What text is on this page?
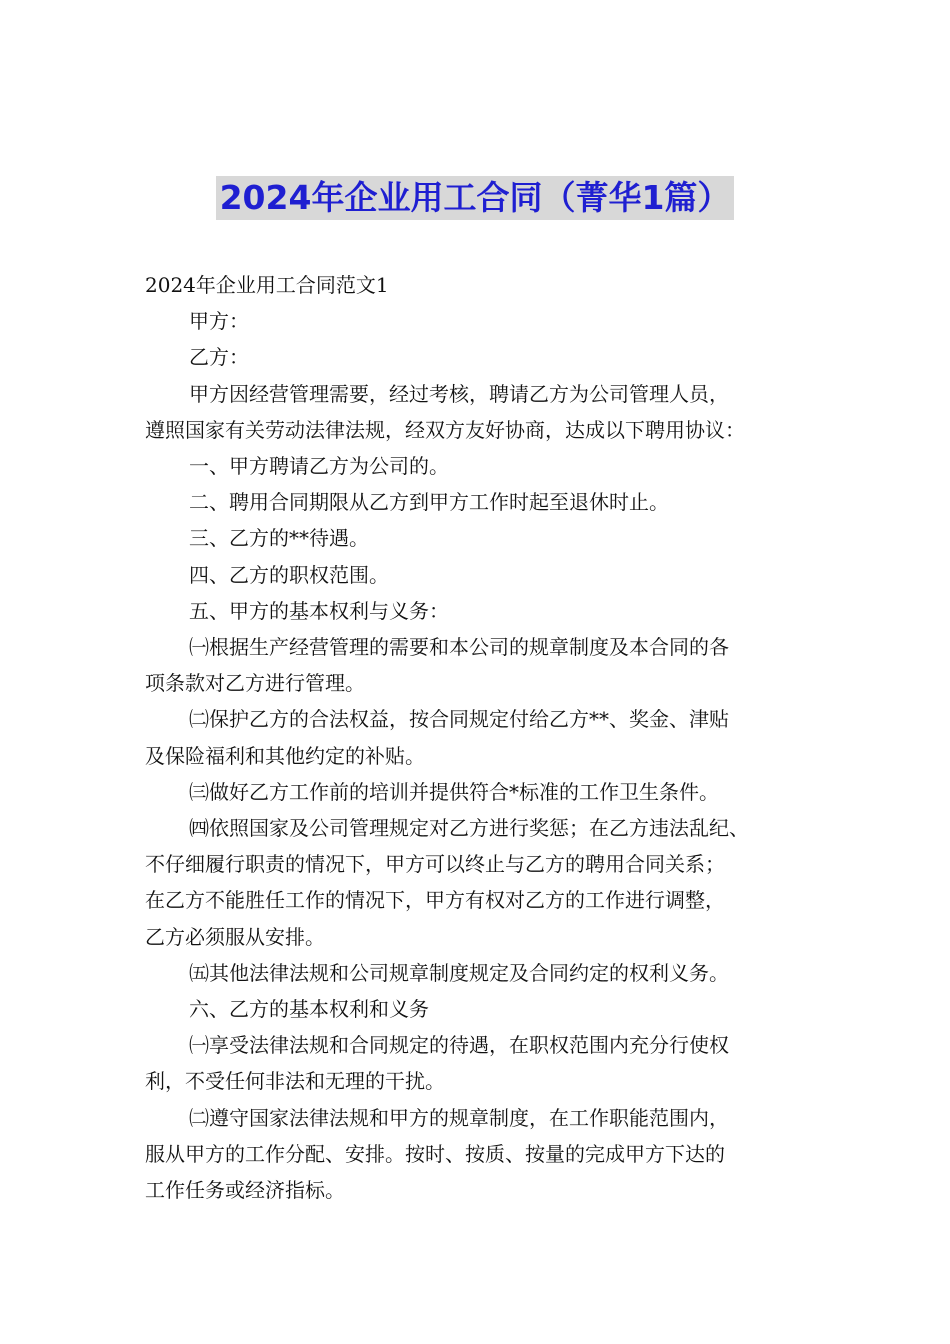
2024年企业用工合同（菁华1篇）
2024年企业用工合同范文1
甲方：
乙方：
甲方因经营管理需要，经过考核，聘请乙方为公司管理人员，
遵照国家有关劳动法律法规，经双方友好协商，达成以下聘用协议：
一、甲方聘请乙方为公司的。
二、聘用合同期限从乙方到甲方工作时起至退休时止。
三、乙方的**待遇。
四、乙方的职权范围。
五、甲方的基本权利与义务：
㈠根据生产经营管理的需要和本公司的规章制度及本合同的各
项条款对乙方进行管理。
㈡保护乙方的合法权益，按合同规定付给乙方**、奖金、津贴
及保险福利和其他约定的补贴。
㈢做好乙方工作前的培训并提供符合*标准的工作卫生条件。
㈣依照国家及公司管理规定对乙方进行奖惩；在乙方违法乱纪、
不仔细履行职责的情况下，甲方可以终止与乙方的聘用合同关系；
在乙方不能胜任工作的情况下，甲方有权对乙方的工作进行调整，
乙方必须服从安排。
㈤其他法律法规和公司规章制度规定及合同约定的权利义务。
六、乙方的基本权利和义务
㈠享受法律法规和合同规定的待遇，在职权范围内充分行使权
利，不受任何非法和无理的干扰。
㈡遵守国家法律法规和甲方的规章制度，在工作职能范围内，
服从甲方的工作分配、安排。按时、按质、按量的完成甲方下达的
工作任务或经济指标。
